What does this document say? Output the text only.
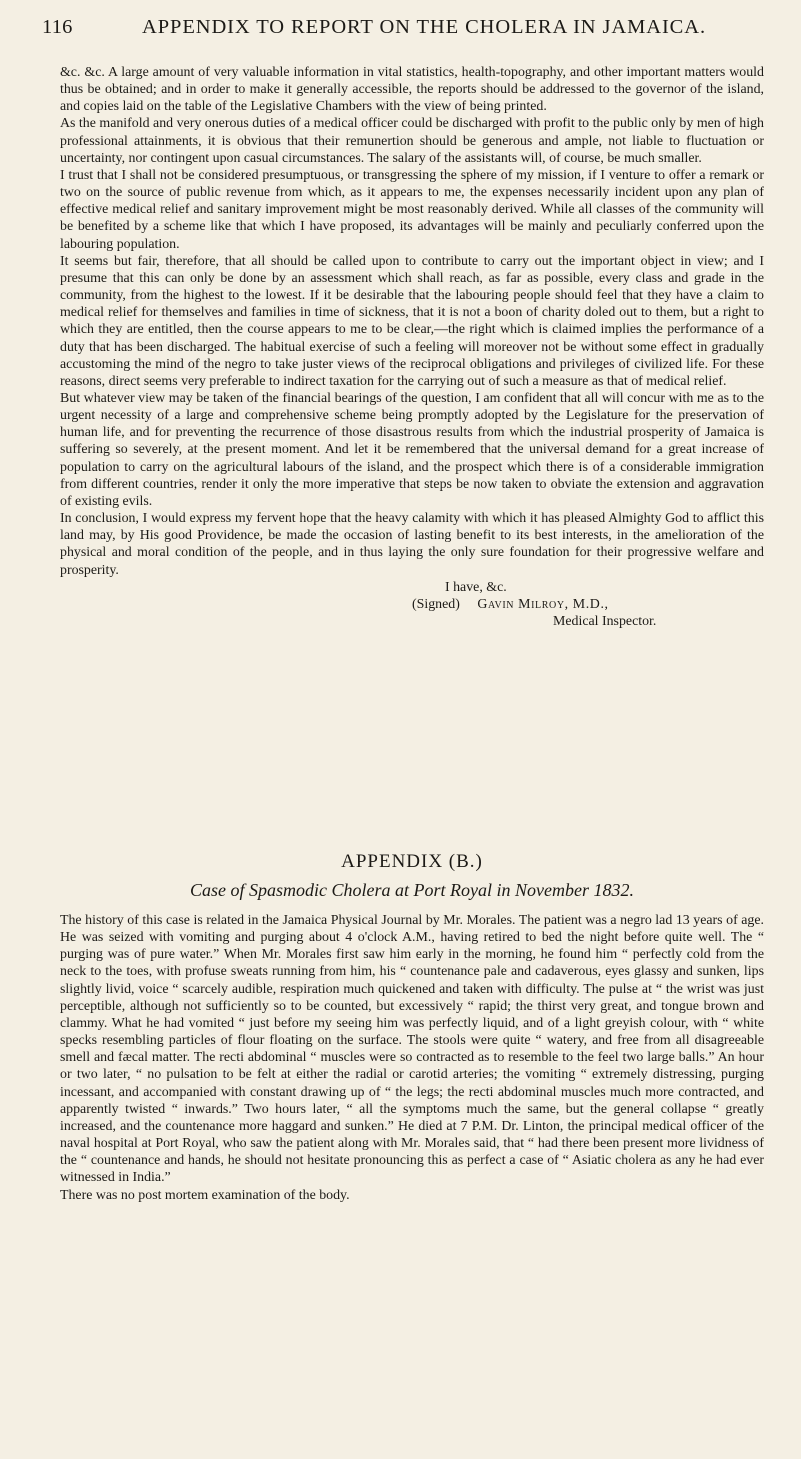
116	APPENDIX TO REPORT ON THE CHOLERA IN JAMAICA.

&c. &c. A large amount of very valuable information in vital statistics, health-topography, and other important matters would thus be obtained; and in order to make it generally accessible, the reports should be addressed to the governor of the island, and copies laid on the table of the Legislative Chambers with the view of being printed.

As the manifold and very onerous duties of a medical officer could be discharged with profit to the public only by men of high professional attainments, it is obvious that their remunertion should be generous and ample, not liable to fluctuation or uncertainty, nor contingent upon casual circumstances. The salary of the assistants will, of course, be much smaller.

I trust that I shall not be considered presumptuous, or transgressing the sphere of my mission, if I venture to offer a remark or two on the source of public revenue from which, as it appears to me, the expenses necessarily incident upon any plan of effective medical relief and sanitary improvement might be most reasonably derived. While all classes of the community will be benefited by a scheme like that which I have proposed, its advantages will be mainly and peculiarly conferred upon the labouring population.

It seems but fair, therefore, that all should be called upon to contribute to carry out the important object in view; and I presume that this can only be done by an assessment which shall reach, as far as possible, every class and grade in the community, from the highest to the lowest. If it be desirable that the labouring people should feel that they have a claim to medical relief for themselves and families in time of sickness, that it is not a boon of charity doled out to them, but a right to which they are entitled, then the course appears to me to be clear,—the right which is claimed implies the performance of a duty that has been discharged. The habitual exercise of such a feeling will moreover not be without some effect in gradually accustoming the mind of the negro to take juster views of the reciprocal obligations and privileges of civilized life. For these reasons, direct seems very preferable to indirect taxation for the carrying out of such a measure as that of medical relief.

But whatever view may be taken of the financial bearings of the question, I am confident that all will concur with me as to the urgent necessity of a large and comprehensive scheme being promptly adopted by the Legislature for the preservation of human life, and for preventing the recurrence of those disastrous results from which the industrial prosperity of Jamaica is suffering so severely, at the present moment. And let it be remembered that the universal demand for a great increase of population to carry on the agricultural labours of the island, and the prospect which there is of a considerable immigration from different countries, render it only the more imperative that steps be now taken to obviate the extension and aggravation of existing evils.

In conclusion, I would express my fervent hope that the heavy calamity with which it has pleased Almighty God to afflict this land may, by His good Providence, be made the occasion of lasting benefit to its best interests, in the amelioration of the physical and moral condition of the people, and in thus laying the only sure foundation for their progressive welfare and prosperity.

I have, &c.
(Signed) Gavin Milroy, M.D.,
Medical Inspector.
APPENDIX (B.)
Case of Spasmodic Cholera at Port Royal in November 1832.

The history of this case is related in the Jamaica Physical Journal by Mr. Morales. The patient was a negro lad 13 years of age. He was seized with vomiting and purging about 4 o'clock A.M., having retired to bed the night before quite well. The “ purging was of pure water.” When Mr. Morales first saw him early in the morning, he found him “ perfectly cold from the neck to the toes, with profuse sweats running from him, his “ countenance pale and cadaverous, eyes glassy and sunken, lips slightly livid, voice “ scarcely audible, respiration much quickened and taken with difficulty. The pulse at “ the wrist was just perceptible, although not sufficiently so to be counted, but excessively “ rapid; the thirst very great, and tongue brown and clammy. What he had vomited “ just before my seeing him was perfectly liquid, and of a light greyish colour, with “ white specks resembling particles of flour floating on the surface. The stools were quite “ watery, and free from all disagreeable smell and fæcal matter. The recti abdominal “ muscles were so contracted as to resemble to the feel two large balls.” An hour or two later, “ no pulsation to be felt at either the radial or carotid arteries; the vomiting “ extremely distressing, purging incessant, and accompanied with constant drawing up of “ the legs; the recti abdominal muscles much more contracted, and apparently twisted “ inwards.” Two hours later, “ all the symptoms much the same, but the general collapse “ greatly increased, and the countenance more haggard and sunken.” He died at 7 P.M. Dr. Linton, the principal medical officer of the naval hospital at Port Royal, who saw the patient along with Mr. Morales said, that “ had there been present more lividness of the “ countenance and hands, he should not hesitate pronouncing this as perfect a case of “ Asiatic cholera as any he had ever witnessed in India.”

There was no post mortem examination of the body.
